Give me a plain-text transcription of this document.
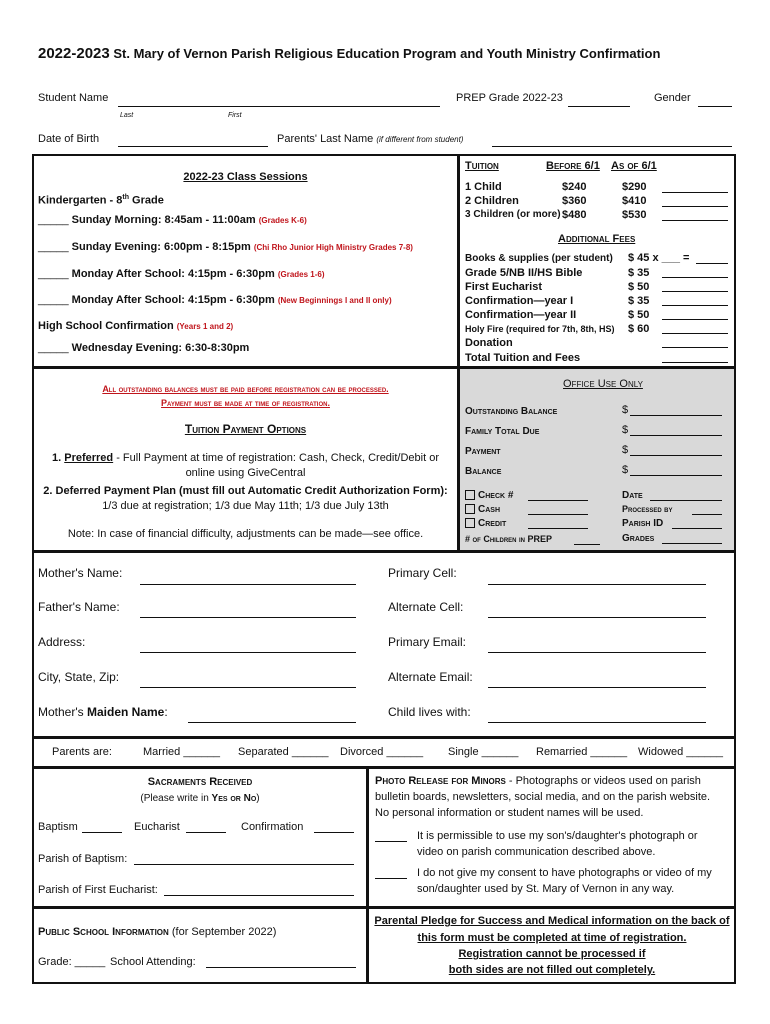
2022-2023 St. Mary of Vernon Parish Religious Education Program and Youth Ministry Confirmation
Student Name
Last	First
PREP Grade 2022-23	Gender
Date of Birth	Parents' Last Name (if different from student)
2022-23 Class Sessions
Kindergarten - 8th Grade
_____ Sunday Morning: 8:45am - 11:00am (Grades K-6)
_____ Sunday Evening: 6:00pm - 8:15pm (Chi Rho Junior High Ministry Grades 7-8)
_____ Monday After School: 4:15pm - 6:30pm (Grades 1-6)
_____ Monday After School: 4:15pm - 6:30pm (New Beginnings I and II only)
High School Confirmation (Years 1 and 2)
_____ Wednesday Evening: 6:30-8:30pm
Tuition	Before 6/1 As of 6/1
1 Child	$240	$290
2 Children	$360	$410
3 Children (or more) $480	$530
Additional Fees
Books & supplies (per student) $ 45 x ___ =
Grade 5/NB II/HS Bible	$ 35
First Eucharist	$ 50
Confirmation—year I	$ 35
Confirmation—year II	$ 50
Holy Fire (required for 7th, 8th, HS) $ 60
Donation
Total Tuition and Fees
All outstanding balances must be paid before registration can be processed.
Payment must be made at time of registration.
Tuition Payment Options
1. Preferred - Full Payment at time of registration: Cash, Check, Credit/Debit or
online using GiveCentral
2. Deferred Payment Plan (must fill out Automatic Credit Authorization Form):
1/3 due at registration; 1/3 due May 11th; 1/3 due July 13th
Note: In case of financial difficulty, adjustments can be made—see office.
Office Use Only
Outstanding Balance	$
Family Total Due	$
Payment	$
Balance	$
Check #
Cash
Credit
# of Children in PREP
Date
Processed by
Parish ID
Grades
Mother's Name:
Father's Name:
Address:
City, State, Zip:
Mother's Maiden Name:
Primary Cell:
Alternate Cell:
Primary Email:
Alternate Email:
Child lives with:
Parents are:	Married ______ Separated ______ Divorced ______ Single ______ Remarried ______ Widowed ______
Sacraments Received
(Please write in Yes or No)
Baptism	Eucharist	Confirmation
Parish of Baptism:
Parish of First Eucharist:
Photo Release for Minors - Photographs or videos used on parish
bulletin boards, newsletters, social media, and on the parish website.
No personal information or student names will be used.
It is permissible to use my son's/daughter's photograph or
video on parish communication described above.
I do not give my consent to have photographs or video of my
son/daughter used by St. Mary of Vernon in any way.
Public School Information (for September 2022)
Grade: _____ School Attending:
Parental Pledge for Success and Medical information on the back of
this form must be completed at time of registration.
Registration cannot be processed if
both sides are not filled out completely.
